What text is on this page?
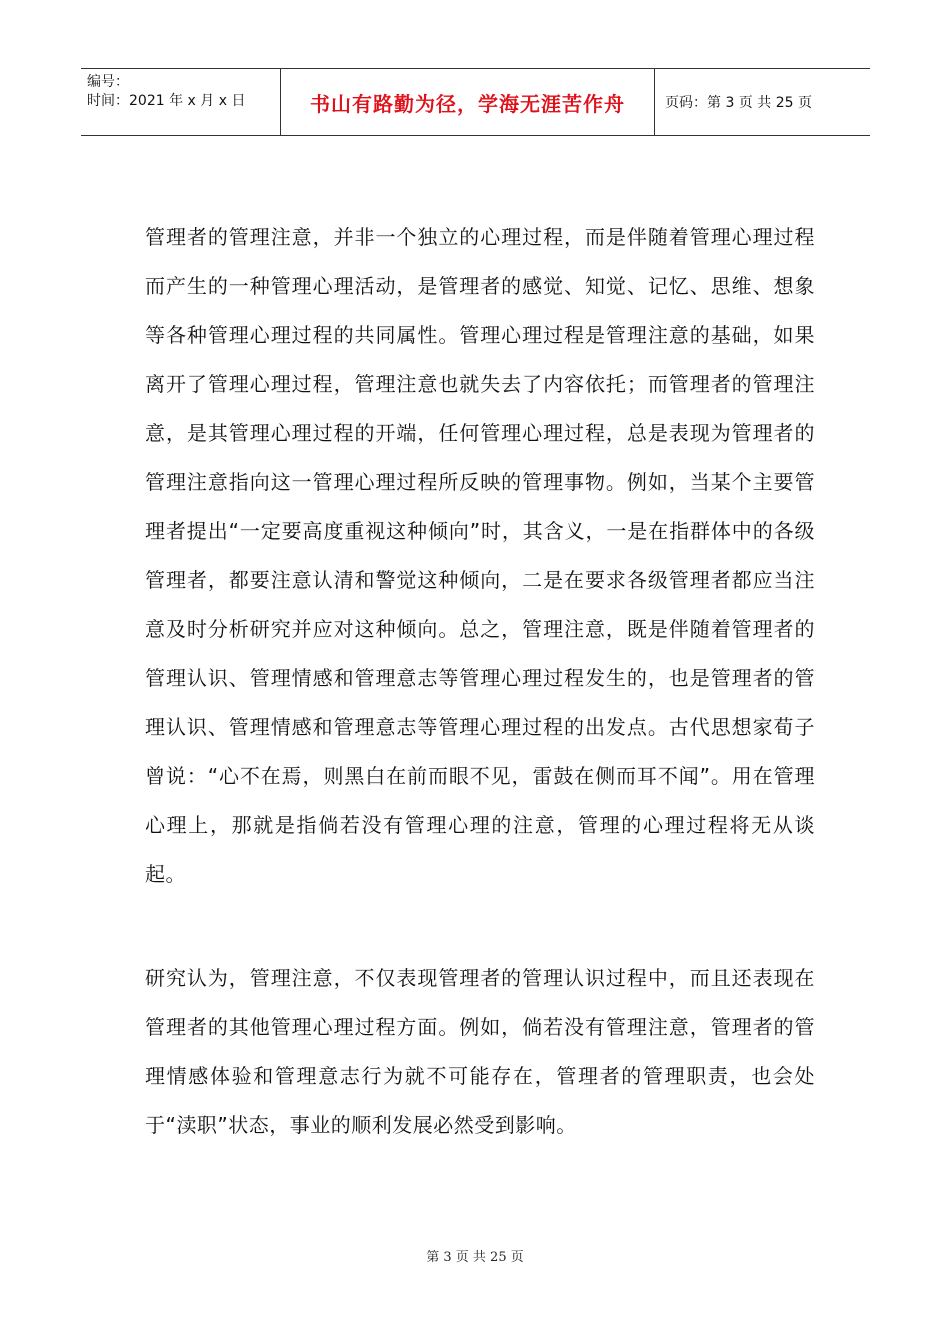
编号：
时间：2021 年 x 月 x 日	书山有路勤为径，学海无涯苦作舟	页码：第 3 页 共 25 页

管理者的管理注意，并非一个独立的心理过程，而是伴随着管理心理过程而产生的一种管理心理活动，是管理者的感觉、知觉、记忆、思维、想象等各种管理心理过程的共同属性。管理心理过程是管理注意的基础，如果离开了管理心理过程，管理注意也就失去了内容依托；而管理者的管理注意，是其管理心理过程的开端，任何管理心理过程，总是表现为管理者的管理注意指向这一管理心理过程所反映的管理事物。例如，当某个主要管理者提出“一定要高度重视这种倾向”时，其含义，一是在指群体中的各级管理者，都要注意认清和警觉这种倾向，二是在要求各级管理者都应当注意及时分析研究并应对这种倾向。总之，管理注意，既是伴随着管理者的管理认识、管理情感和管理意志等管理心理过程发生的，也是管理者的管理认识、管理情感和管理意志等管理心理过程的出发点。古代思想家荀子曾说：“心不在焉，则黑白在前而眼不见，雷鼓在侧而耳不闻”。用在管理心理上，那就是指倘若没有管理心理的注意，管理的心理过程将无从谈起。

研究认为，管理注意，不仅表现管理者的管理认识过程中，而且还表现在管理者的其他管理心理过程方面。例如，倘若没有管理注意，管理者的管理情感体验和管理意志行为就不可能存在，管理者的管理职责，也会处于“渎职”状态，事业的顺利发展必然受到影响。

第 3 页 共 25 页
